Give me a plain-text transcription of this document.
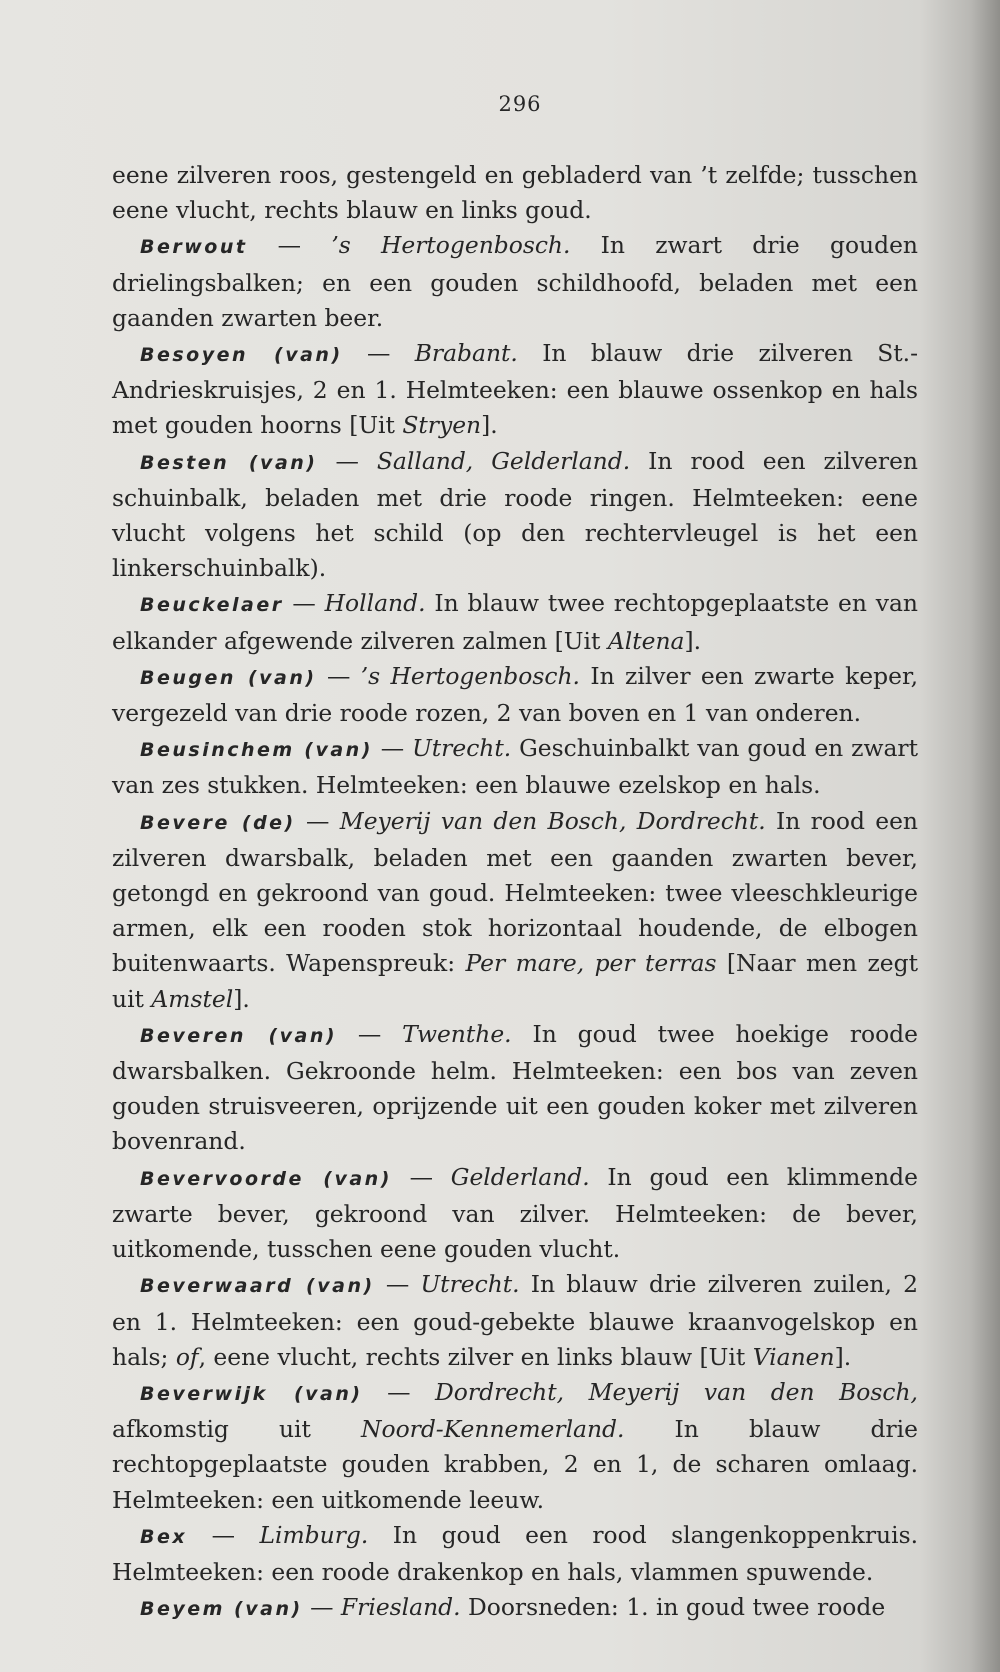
296

eene zilveren roos, gestengeld en gebladerd van ’t zelfde; tusschen eene vlucht, rechts blauw en links goud.

Berwout — ’s Hertogenbosch. In zwart drie gouden drielingsbalken; en een gouden schildhoofd, beladen met een gaanden zwarten beer.

Besoyen (van) — Brabant. In blauw drie zilveren St.-Andrieskruisjes, 2 en 1. Helmteeken: een blauwe ossenkop en hals met gouden hoorns [Uit Stryen].

Besten (van) — Salland, Gelderland. In rood een zilveren schuinbalk, beladen met drie roode ringen. Helmteeken: eene vlucht volgens het schild (op den rechtervleugel is het een linkerschuinbalk).

Beuckelaer — Holland. In blauw twee rechtopgeplaatste en van elkander afgewende zilveren zalmen [Uit Altena].

Beugen (van) — ’s Hertogenbosch. In zilver een zwarte keper, vergezeld van drie roode rozen, 2 van boven en 1 van onderen.

Beusinchem (van) — Utrecht. Geschuinbalkt van goud en zwart van zes stukken. Helmteeken: een blauwe ezelskop en hals.

Bevere (de) — Meyerij van den Bosch, Dordrecht. In rood een zilveren dwarsbalk, beladen met een gaanden zwarten bever, getongd en gekroond van goud. Helmteeken: twee vleeschkleurige armen, elk een rooden stok horizontaal houdende, de elbogen buitenwaarts. Wapenspreuk: Per mare, per terras [Naar men zegt uit Amstel].

Beveren (van) — Twenthe. In goud twee hoekige roode dwarsbalken. Gekroonde helm. Helmteeken: een bos van zeven gouden struisveeren, oprijzende uit een gouden koker met zilveren bovenrand.

Bevervoorde (van) — Gelderland. In goud een klimmende zwarte bever, gekroond van zilver. Helmteeken: de bever, uitkomende, tusschen eene gouden vlucht.

Beverwaard (van) — Utrecht. In blauw drie zilveren zuilen, 2 en 1. Helmteeken: een goud-gebekte blauwe kraanvogelskop en hals; of, eene vlucht, rechts zilver en links blauw [Uit Vianen].

Beverwijk (van) — Dordrecht, Meyerij van den Bosch, afkomstig uit Noord-Kennemerland. In blauw drie rechtopgeplaatste gouden krabben, 2 en 1, de scharen omlaag. Helmteeken: een uitkomende leeuw.

Bex — Limburg. In goud een rood slangenkoppenkruis. Helmteeken: een roode drakenkop en hals, vlammen spuwende.

Beyem (van) — Friesland. Doorsneden: 1. in goud twee roode
